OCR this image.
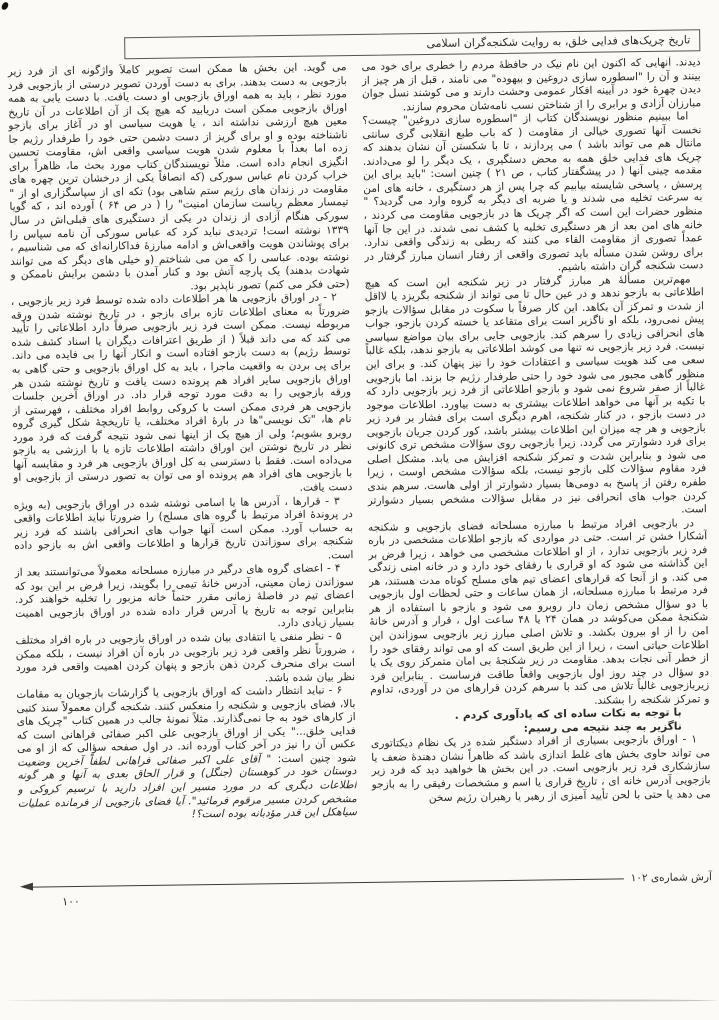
تاریخ چریک‌های فدایی خلق، به روایت شکنجه‌گران اسلامی

دیدند. آنهایی که اکنون این نام نیک در حافظهٔ مردم را خطری برای خود می بینند و آن را "اسطوره سازی دروغین و بیهوده" می نامند ، قبل از هر چیز از دیدن چهرهٔ خود در آیینه افکار عمومی وحشت دارند و می کوشند نسل جوان مبارزان آزادی و برابری را از شناختن نسب نامه‌شان محروم سازند.

اما ببینیم منظور نویسندگان کتاب از "اسطوره سازی دروغین" چیست؟ نخست آنها تصوری خیالی از مقاومت ( که باب طبع انقلابی گری سانتی مانتال هم می تواند باشد ) می پردازند ، تا با شکستن آن نشان بدهند که چریک های فدایی خلق همه به محض دستگیری ، یک دیگر را لو می‌دادند. مقدمه چینی آنها ( در پیشگفتار کتاب ، ص ۲۱ ) چنین است: "باید برای این پرسش ، پاسخی شایسته بیابیم که چرا پس از هر دستگیری ، خانه های امن به سرعت تخلیه می شدند و یا ضربه ای دیگر به گروه وارد می گردید؟ " منظور حضرات این است که اگر چریک ها در بازجویی مقاومت می کردند ، خانه های امن بعد از هر دستگیری تخلیه یا کشف نمی شدند. در این جا آنها عمداً تصوری از مقاومت القاء می کنند که ربطی به زندگی واقعی ندارد. برای روشن شدن مسأله باید تصوری واقعی از رفتار انسان مبارز گرفتار در دست شکنجه گران داشته باشیم.

مهم‌ترین مسألهٔ هر مبارز گرفتار در زیر شکنجه این است که هیچ اطلاعاتی به بازجو ندهد و در عین حال تا می تواند از شکنجه بگریزد یا لااقل از شدت و تمرکز آن بکاهد. این کار صرفاً با سکوت در مقابل سؤالات بازجو پیش نمی‌رود، بلکه او ناگزیر است برای متقاعد یا خسته کردن بازجو، جواب های انحرافی زیادی را سرهم کند. بازجویی جایی برای بیان مواضع سیاسی نیست. فرد زیر بازجویی نه تنها می کوشد اطلاعاتی به بازجو ندهد، بلکه غالباً سعی می کند هویت سیاسی و اعتقادات خود را نیز پنهان کند. و برای این منظور گاهی مجبور می شود خود را حتی طرفدار رژیم جا بزند. اما بازجویی غالباً از صفر شروع نمی شود و بازجو اطلاعاتی از فرد زیر بازجویی دارد که با تکیه بر آنها می خواهد اطلاعات بیشتری به دست بیاورد. اطلاعات موجود در دست بازجو ، در کنار شکنجه، اهرم دیگری است برای فشار بر فرد زیر بازجویی و هر چه میزان این اطلاعات بیشتر باشد، کور کردن جریان بازجویی برای فرد دشوارتر می گردد. زیرا بازجویی روی سؤالات مشخص تری کانونی می شود و بنابراین شدت و تمرکز شکنجه افزایش می یابد. مشکل اصلی فرد مقاوم سؤالات کلی بازجو نیست، بلکه سؤالات مشخص اوست ، زیرا طفره رفتن از پاسخ به دومی‌ها بسیار دشوارتر از اولی هاست. سرهم بندی کردن جواب های انحرافی نیز در مقابل سؤالات مشخص بسیار دشوارتر است.

در بازجویی افراد مرتبط با مبارزه مسلحانه فضای بازجویی و شکنجه آشکارا خشن تر است. حتی در مواردی که بازجو اطلاعات مشخصی در باره فرد زیر بازجویی ندارد ، از او اطلاعات مشخصی می خواهد ، زیرا فرض بر این گذاشته می شود که او قراری با رفقای خود دارد و در خانه امنی زندگی می کند. و از آنجا که قرارهای اعضای تیم های مسلح کوتاه مدت هستند، هر فرد مرتبط با مبارزه مسلحانه، از همان ساعات و حتی لحظات اول بازجویی با دو سؤال مشخص زمان دار روبرو می شود و بازجو با استفاده از هر شکنجهٔ ممکن می‌کوشد در همان ۲۴ یا ۴۸ ساعت اول ، قرار و آدرس خانهٔ امن را از او بیرون بکشد. و تلاش اصلی مبارز زیر بازجویی سوزاندن این اطلاعات حیاتی است ، زیرا از این طریق است که او می تواند رفقای خود را از خطر آنی نجات بدهد. مقاومت در زیر شکنجهٔ بی امان متمرکز روی یک یا دو سؤال در چند روز اول بازجویی واقعاً طاقت فرساست . بنابراین فرد زیربازجویی غالباً تلاش می کند با سرهم کردن قرارهای من در آوردی، تداوم و تمرکز شکنجه را بشکند.

با توجه به نکات ساده ای که یادآوری کردم .

ناگزیر به چند نتیجه می رسیم:

۱ - اوراق بازجویی بسیاری از افراد دستگیر شده در یک نظام دیکتاتوری می تواند حاوی بخش های غلط اندازی باشد که ظاهراً نشان دهندهٔ ضعف یا سازشکاری فرد زیر بازجویی است. در این بخش ها خواهید دید که فرد زیر بازجویی آدرس خانه ای ، تاریخ قراری یا اسم و مشخصات رفیقی را به بازجو می دهد یا حتی با لحن تأیید آمیزی از رهبر یا رهبران رژیم سخن

می گوید. این بخش ها ممکن است تصویر کاملاً واژگونه ای از فرد زیر بازجویی به دست بدهند. برای به دست آوردن تصویر درستی از بازجویی فرد مورد نظر ، باید به همه اوراق بازجویی او دست یافت. با دست یابی به همه اوراق بازجویی ممکن است دریابید که هیچ یک از آن اطلاعات در آن تاریخ معین هیچ ارزشی نداشته اند ، یا هویت سیاسی او در آغاز برای بازجو ناشناخته بوده و او برای گریز از دست دشمن حتی خود را طرفدار رژیم جا زده اما بعداً با معلوم شدن هویت سیاسی واقعی اش، مقاومت تحسین انگیزی انجام داده است. مثلاً نویسندگان کتاب مورد بحث ما، ظاهراً برای خراب کردن نام عباس سورکی (که انصافاً یکی از درخشان ترین چهره های مقاومت در زندان های رژیم ستم شاهی بود) تکه ای از سپاسگزاری او از " تیمسار معظم ریاست سازمان امنیت" را ( در ص ۶۴ ) آورده اند ، که گویا سورکی هنگام آزادی از زندان در یکی از دستگیری های قبلی‌اش در سال ۱۳۳۹ نوشته است! تردیدی نباید کرد که عباس سورکی آن نامه سپاس را برای پوشاندن هویت واقعی‌اش و ادامه مبارزهٔ فداکارانه‌ای که می شناسیم ، نوشته بوده. عباسی را که من می شناختم (و خیلی های دیگر که می توانند شهادت بدهند) یک پارچه آتش بود و کنار آمدن با دشمن برایش ناممکن و (حتی فکر می کنم) تصور ناپذیر بود.

۲ - در اوراق بازجویی ها هر اطلاعات داده شده توسط فرد زیر بازجویی ، ضرورتاً به معنای اطلاعات تازه برای بازجو ، در تاریخ نوشته شدن ورقه مربوطه نیست. ممکن است فرد زیر بازجویی صرفاً دارد اطلاعاتی را تأیید می کند که می داند قبلاً ( از طریق اعترافات دیگران یا اسناد کشف شده توسط رژیم) به دست بازجو افتاده است و انکار آنها را بی فایده می داند. برای پی بردن به واقعیت ماجرا ، باید به کل اوراق بازجویی و حتی گاهی به اوراق بازجویی سایر افراد هم پرونده دست یافت و تاریخ نوشته شدن هر ورقه بازجویی را به دقت مورد توجه قرار داد. در اوراق آخرین جلسات بازجویی هر فردی ممکن است با کروکی روابط افراد مختلف ، فهرستی از نام ها، "تک نویسی"ها در بارهٔ افراد مختلف، یا تاریخچهٔ شکل گیری گروه روبرو بشویم؛ ولی از هیچ یک از اینها نمی شود نتیجه گرفت که فرد مورد نظر در تاریخ نوشتن این اوراق داشته اطلاعات تازه یا با ارزشی به بازجو می‌داده است. فقط با دسترسی به کل اوراق بازجویی هر فرد و مقایسه آنها با بازجویی های افراد هم پرونده او می توان به تصور درستی از بازجویی او دست یافت.

۳ - قرارها ، آدرس ها یا اسامی نوشته شده در اوراق بازجویی (به ویژه در پروندهٔ افراد مرتبط با گروه های مسلح) را ضرورتاً نباید اطلاعات واقعی به حساب آورد. ممکن است آنها جواب های انحرافی باشند که فرد زیر شکنجه برای سوزاندن تاریخ قرارها و اطلاعات واقعی اش به بازجو داده است.

۴ - اعضای گروه های درگیر در مبارزه مسلحانه معمولاً می‌توانستند بعد از سوزاندن زمان معینی، آدرس خانهٔ تیمی را بگویند، زیرا فرض بر این بود که اعضای تیم در فاصلهٔ زمانی مقرر حتماً خانه مزبور را تخلیه خواهند کرد. بنابراین توجه به تاریخ یا آدرس قرار داده شده در اوراق بازجویی اهمیت بسیار زیادی دارد.

۵ - نظر منفی یا انتقادی بیان شده در اوراق بازجویی در باره افراد مختلف ، ضرورتاً نظر واقعی فرد زیر بازجویی در باره آن افراد نیست ، بلکه ممکن است برای منحرف کردن ذهن بازجو و پنهان کردن اهمیت واقعی فرد مورد نظر بیان شده باشد.

۶ - نباید انتظار داشت که اوراق بازجویی یا گزارشات بازجویان به مقامات بالا، فضای بازجویی و شکنجه را منعکس کنند. شکنجه گران معمولاً سند کتبی از کارهای خود به جا نمی‌گذارند. مثلاً نمونهٔ جالب در همین کتاب "چریک های فدایی خلق..." یکی از اوراق بازجویی علی اکبر صفائی فراهانی است که عکس آن را نیز در آخر کتاب آورده اند. در اول صفحه سؤالی که از او می شود چنین است: " آقای علی اکبر صفائی فراهانی لطفاً آخرین وضعیت دوستان خود در کوهستان (جنگل) و قرار الحاق بعدی به آنها و هر گونه اطلاعات دیگری که در مورد مسیر این افراد دارید با ترسیم کروکی و مشخص کردن مسیر مرقوم فرمائید". آیا فضای بازجویی از فرمانده عملیات سیاهکل این قدر مؤدبانه بوده است؟!

آرش شماره‌ی ۱۰۲
۱۰۰
